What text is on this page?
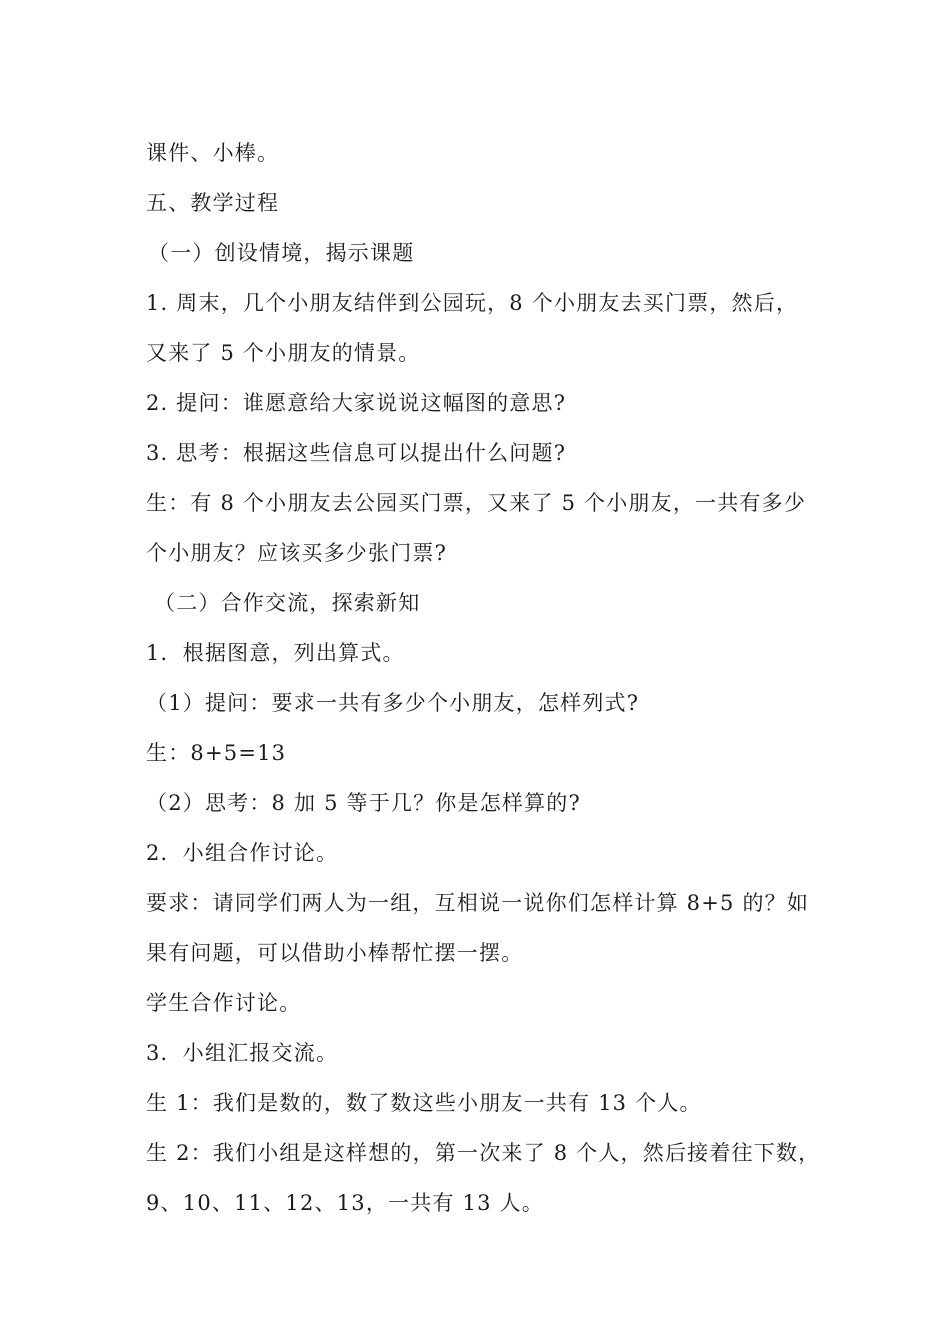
课件、小棒。
五、教学过程
（一）创设情境，揭示课题
1. 周末，几个小朋友结伴到公园玩，8 个小朋友去买门票，然后，
又来了 5 个小朋友的情景。
2. 提问：谁愿意给大家说说这幅图的意思?
3. 思考：根据这些信息可以提出什么问题?
生：有 8 个小朋友去公园买门票，又来了 5 个小朋友，一共有多少
个小朋友？应该买多少张门票?
（二）合作交流，探索新知
1．根据图意，列出算式。
（1）提问：要求一共有多少个小朋友，怎样列式?
生：8+5=13
（2）思考：8 加 5 等于几？你是怎样算的?
2．小组合作讨论。
要求：请同学们两人为一组，互相说一说你们怎样计算 8+5 的？如
果有问题，可以借助小棒帮忙摆一摆。
学生合作讨论。
3．小组汇报交流。
生 1：我们是数的，数了数这些小朋友一共有 13 个人。
生 2：我们小组是这样想的，第一次来了 8 个人，然后接着往下数，
9、10、11、12、13，一共有 13 人。
